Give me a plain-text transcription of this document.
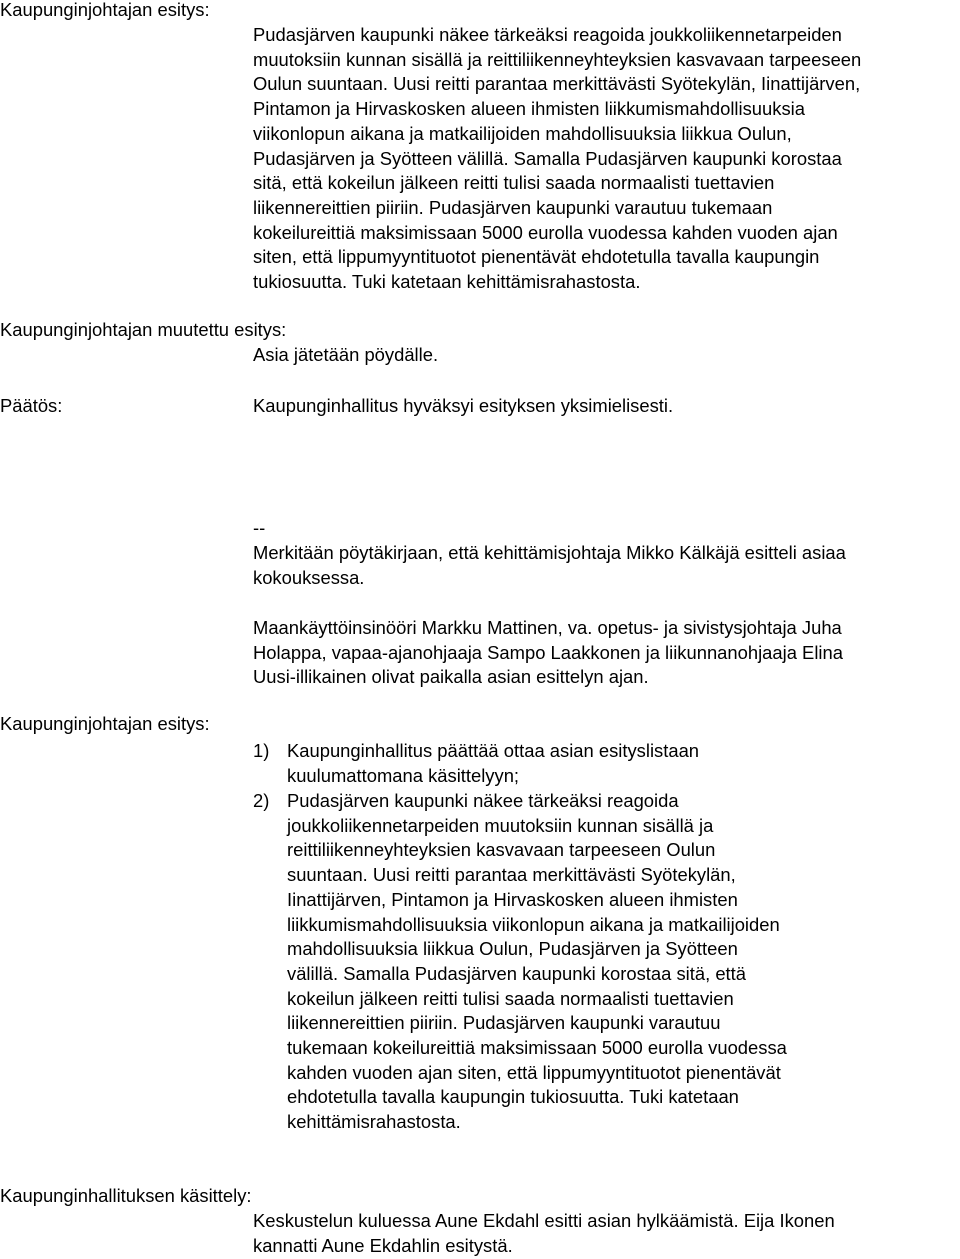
Kaupunginjohtajan esitys:
Pudasjärven kaupunki näkee tärkeäksi reagoida joukkoliikennetarpeiden
muutoksiin kunnan sisällä ja reittiliikenneyhteyksien kasvavaan tarpeeseen
Oulun suuntaan. Uusi reitti parantaa merkittävästi Syötekylän, Iinattijärven,
Pintamon ja Hirvaskosken alueen ihmisten liikkumismahdollisuuksia
viikonlopun aikana ja matkailijoiden mahdollisuuksia liikkua Oulun,
Pudasjärven ja Syötteen välillä. Samalla Pudasjärven kaupunki korostaa
sitä, että kokeilun jälkeen reitti tulisi saada normaalisti tuettavien
liikennereittien piiriin. Pudasjärven kaupunki varautuu tukemaan
kokeilureittiä maksimissaan 5000 eurolla vuodessa kahden vuoden ajan
siten, että lippumyyntituotot pienentävät ehdotetulla tavalla kaupungin
tukiosuutta. Tuki katetaan kehittämisrahastosta.
Kaupunginjohtajan muutettu esitys:
Asia jätetään pöydälle.
Päätös:	Kaupunginhallitus hyväksyi esityksen yksimielisesti.
--
Merkitään pöytäkirjaan, että kehittämisjohtaja Mikko Kälkäjä esitteli asiaa
kokouksessa.
Maankäyttöinsinööri Markku Mattinen, va. opetus- ja sivistysjohtaja Juha
Holappa, vapaa-ajanohjaaja Sampo Laakkonen ja liikunnanohjaaja Elina
Uusi-illikainen olivat paikalla asian esittelyn ajan.
Kaupunginjohtajan esitys:
1) Kaupunginhallitus päättää ottaa asian esityslistaan
kuulumattomana käsittelyyn;
2) Pudasjärven kaupunki näkee tärkeäksi reagoida
joukkoliikennetarpeiden muutoksiin kunnan sisällä ja
reittiliikenneyhteyksien kasvavaan tarpeeseen Oulun
suuntaan. Uusi reitti parantaa merkittävästi Syötekylän,
Iinattijärven, Pintamon ja Hirvaskosken alueen ihmisten
liikkumismahdollisuuksia viikonlopun aikana ja matkailijoiden
mahdollisuuksia liikkua Oulun, Pudasjärven ja Syötteen
välillä. Samalla Pudasjärven kaupunki korostaa sitä, että
kokeilun jälkeen reitti tulisi saada normaalisti tuettavien
liikennereittien piiriin. Pudasjärven kaupunki varautuu
tukemaan kokeilureittiä maksimissaan 5000 eurolla vuodessa
kahden vuoden ajan siten, että lippumyyntituotot pienentävät
ehdotetulla tavalla kaupungin tukiosuutta. Tuki katetaan
kehittämisrahastosta.
Kaupunginhallituksen käsittely:
Keskustelun kuluessa Aune Ekdahl esitti asian hylkäämistä. Eija Ikonen
kannatti Aune Ekdahlin esitystä.
